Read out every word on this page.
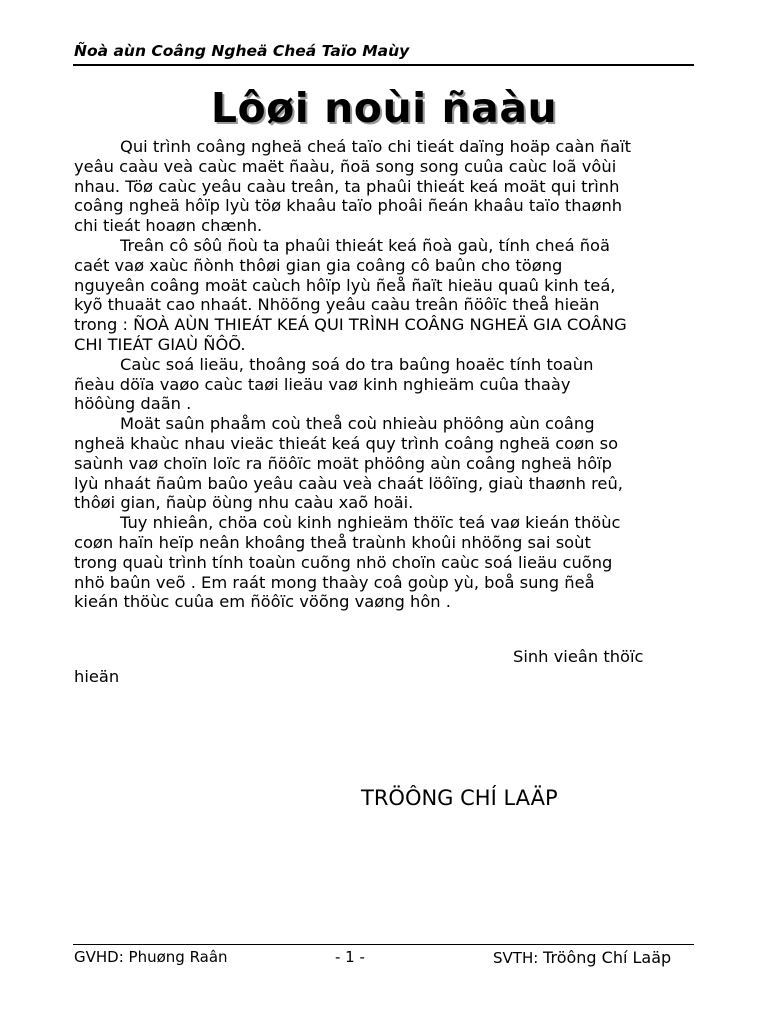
Ñoà aùn Coâng Ngheä Cheá Taïo Maùy
Lôøi noùi ñaàu
Qui trình coâng ngheä cheá taïo chi tieát daïng hoäp caàn ñaït
yeâu caàu veà caùc maët ñaàu, ñoä song song cuûa caùc loã vôùi
nhau. Töø caùc yeâu caàu treân, ta phaûi thieát keá moät qui trình
coâng ngheä hôïp lyù töø khaâu taïo phoâi ñeán khaâu taïo thaønh
chi tieát hoaøn chænh.
Treân cô sôû ñoù ta phaûi thieát keá ñoà gaù, tính cheá ñoä
caét vaø xaùc ñònh thôøi gian gia coâng cô baûn cho töøng
nguyeân coâng moät caùch hôïp lyù ñeå ñaït hieäu quaû kinh teá,
kyõ thuaät cao nhaát. Nhöõng yeâu caàu treân ñöôïc theå hieän
trong : ÑOÀ AÙN THIEÁT KEÁ QUI TRÌNH COÂNG NGHEÄ GIA COÂNG
CHI TIEÁT GIAÙ ÑÔÕ.
Caùc soá lieäu, thoâng soá do tra baûng hoaëc tính toaùn
ñeàu döïa vaøo caùc taøi lieäu vaø kinh nghieäm cuûa thaày
höôùng daãn .
Moät saûn phaåm coù theå coù nhieàu phöông aùn coâng
ngheä khaùc nhau vieäc thieát keá quy trình coâng ngheä coøn so
saùnh vaø choïn loïc ra ñöôïc moät phöông aùn coâng ngheä hôïp
lyù nhaát ñaûm baûo yeâu caàu veà chaát löôïng, giaù thaønh reû,
thôøi gian, ñaùp öùng nhu caàu xaõ hoäi.
Tuy nhieân, chöa coù kinh nghieäm thöïc teá vaø kieán thöùc
coøn haïn heïp neân khoâng theå traùnh khoûi nhöõng sai soùt
trong quaù trình tính toaùn cuõng nhö choïn caùc soá lieäu cuõng
nhö baûn veõ . Em raát mong thaày coâ goùp yù, boå sung ñeå
kieán thöùc cuûa em ñöôïc vöõng vaøng hôn .
Sinh vieân thöïc
hieän
TRÖÔNG CHÍ LAÄP
GVHD: Phuøng Raân	- 1 -	SVTH: Tröông Chí Laäp
